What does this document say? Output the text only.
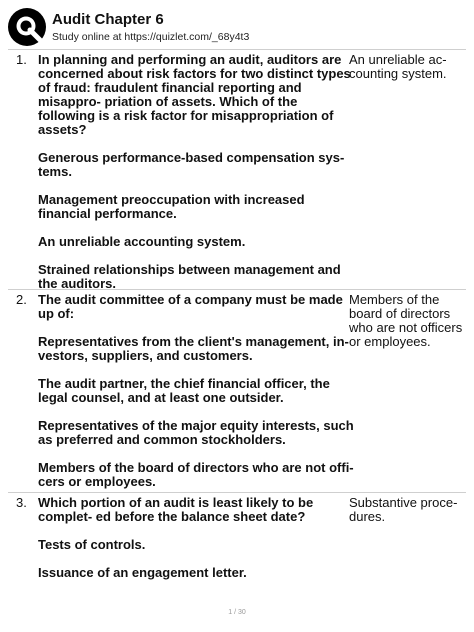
Audit Chapter 6
Study online at https://quizlet.com/_68y4t3
1. In planning and performing an audit, auditors are concerned about risk factors for two distinct types of fraud: fraudulent financial reporting and misappro- priation of assets. Which of the following is a risk factor for misappropriation of assets?

Generous performance-based compensation sys- tems.

Management preoccupation with increased financial performance.

An unreliable accounting system.

Strained relationships between management and the auditors.

An unreliable ac- counting system.
2. The audit committee of a company must be made up of:

Representatives from the client's management, in- vestors, suppliers, and customers.

The audit partner, the chief financial officer, the legal counsel, and at least one outsider.

Representatives of the major equity interests, such as preferred and common stockholders.

Members of the board of directors who are not offi- cers or employees.

Members of the board of directors who are not officers or employees.
3. Which portion of an audit is least likely to be complet- ed before the balance sheet date?

Tests of controls.

Issuance of an engagement letter.

Substantive proce- dures.
1 / 30
